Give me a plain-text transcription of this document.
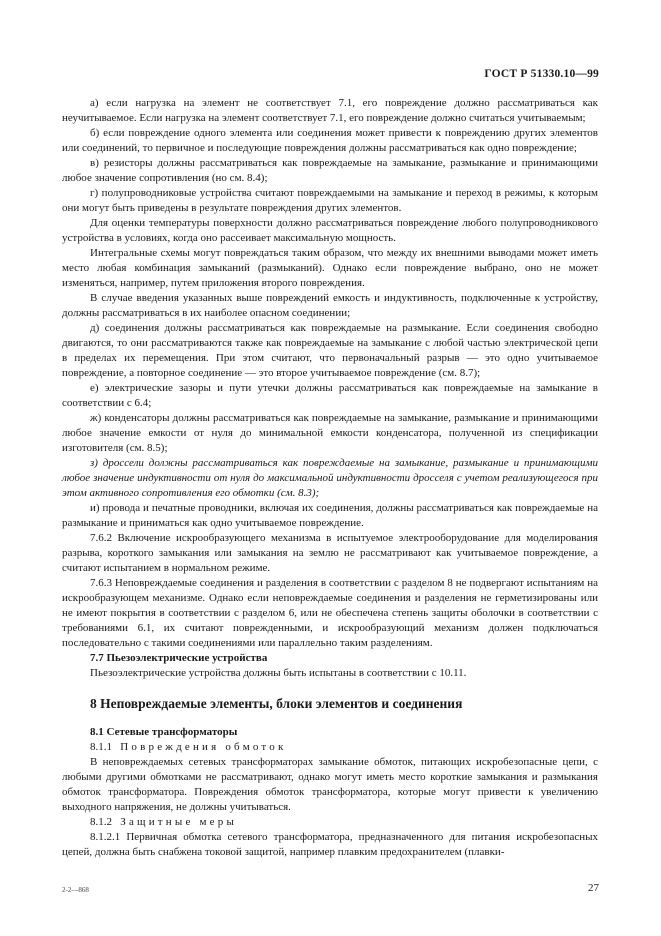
ГОСТ Р 51330.10—99

а) если нагрузка на элемент не соответствует 7.1, его повреждение должно рассматриваться как неучитываемое. Если нагрузка на элемент соответствует 7.1, его повреждение должно считаться учитываемым;

б) если повреждение одного элемента или соединения может привести к повреждению других элементов или соединений, то первичное и последующие повреждения должны рассматриваться как одно повреждение;

в) резисторы должны рассматриваться как повреждаемые на замыкание, размыкание и принимающими любое значение сопротивления (но см. 8.4);

г) полупроводниковые устройства считают повреждаемыми на замыкание и переход в режимы, к которым они могут быть приведены в результате повреждения других элементов.

Для оценки температуры поверхности должно рассматриваться повреждение любого полупроводникового устройства в условиях, когда оно рассеивает максимальную мощность.

Интегральные схемы могут повреждаться таким образом, что между их внешними выводами может иметь место любая комбинация замыканий (размыканий). Однако если повреждение выбрано, оно не может изменяться, например, путем приложения второго повреждения.

В случае введения указанных выше повреждений емкость и индуктивность, подключенные к устройству, должны рассматриваться в их наиболее опасном соединении;

д) соединения должны рассматриваться как повреждаемые на размыкание. Если соединения свободно двигаются, то они рассматриваются также как повреждаемые на замыкание с любой частью электрической цепи в пределах их перемещения. При этом считают, что первоначальный разрыв — это одно учитываемое повреждение, а повторное соединение — это второе учитываемое повреждение (см. 8.7);

е) электрические зазоры и пути утечки должны рассматриваться как повреждаемые на замыкание в соответствии с 6.4;

ж) конденсаторы должны рассматриваться как повреждаемые на замыкание, размыкание и принимающими любое значение емкости от нуля до минимальной емкости конденсатора, полученной из спецификации изготовителя (см. 8.5);

з) дроссели должны рассматриваться как повреждаемые на замыкание, размыкание и принимающими любое значение индуктивности от нуля до максимальной индуктивности дросселя с учетом реализующегося при этом активного сопротивления его обмотки (см. 8.3);

и) провода и печатные проводники, включая их соединения, должны рассматриваться как повреждаемые на размыкание и приниматься как одно учитываемое повреждение.

7.6.2 Включение искрообразующего механизма в испытуемое электрооборудование для моделирования разрыва, короткого замыкания или замыкания на землю не рассматривают как учитываемое повреждение, а считают испытанием в нормальном режиме.

7.6.3 Неповреждаемые соединения и разделения в соответствии с разделом 8 не подвергают испытаниям на искрообразующем механизме. Однако если неповреждаемые соединения и разделения не герметизированы или не имеют покрытия в соответствии с разделом 6, или не обеспечена степень защиты оболочки в соответствии с требованиями 6.1, их считают поврежденными, и искрообразующий механизм должен подключаться последовательно с такими соединениями или параллельно таким разделениям.

7.7 Пьезоэлектрические устройства

Пьезоэлектрические устройства должны быть испытаны в соответствии с 10.11.

8 Неповреждаемые элементы, блоки элементов и соединения

8.1 Сетевые трансформаторы

8.1.1 Повреждения обмоток

В неповреждаемых сетевых трансформаторах замыкание обмоток, питающих искробезопасные цепи, с любыми другими обмотками не рассматривают, однако могут иметь место короткие замыкания и размыкания обмоток трансформатора. Повреждения обмоток трансформатора, которые могут привести к увеличению выходного напряжения, не должны учитываться.

8.1.2 Защитные меры

8.1.2.1 Первичная обмотка сетевого трансформатора, предназначенного для питания искробезопасных цепей, должна быть снабжена токовой защитой, например плавким предохранителем (плавки-

2-2—868	27
